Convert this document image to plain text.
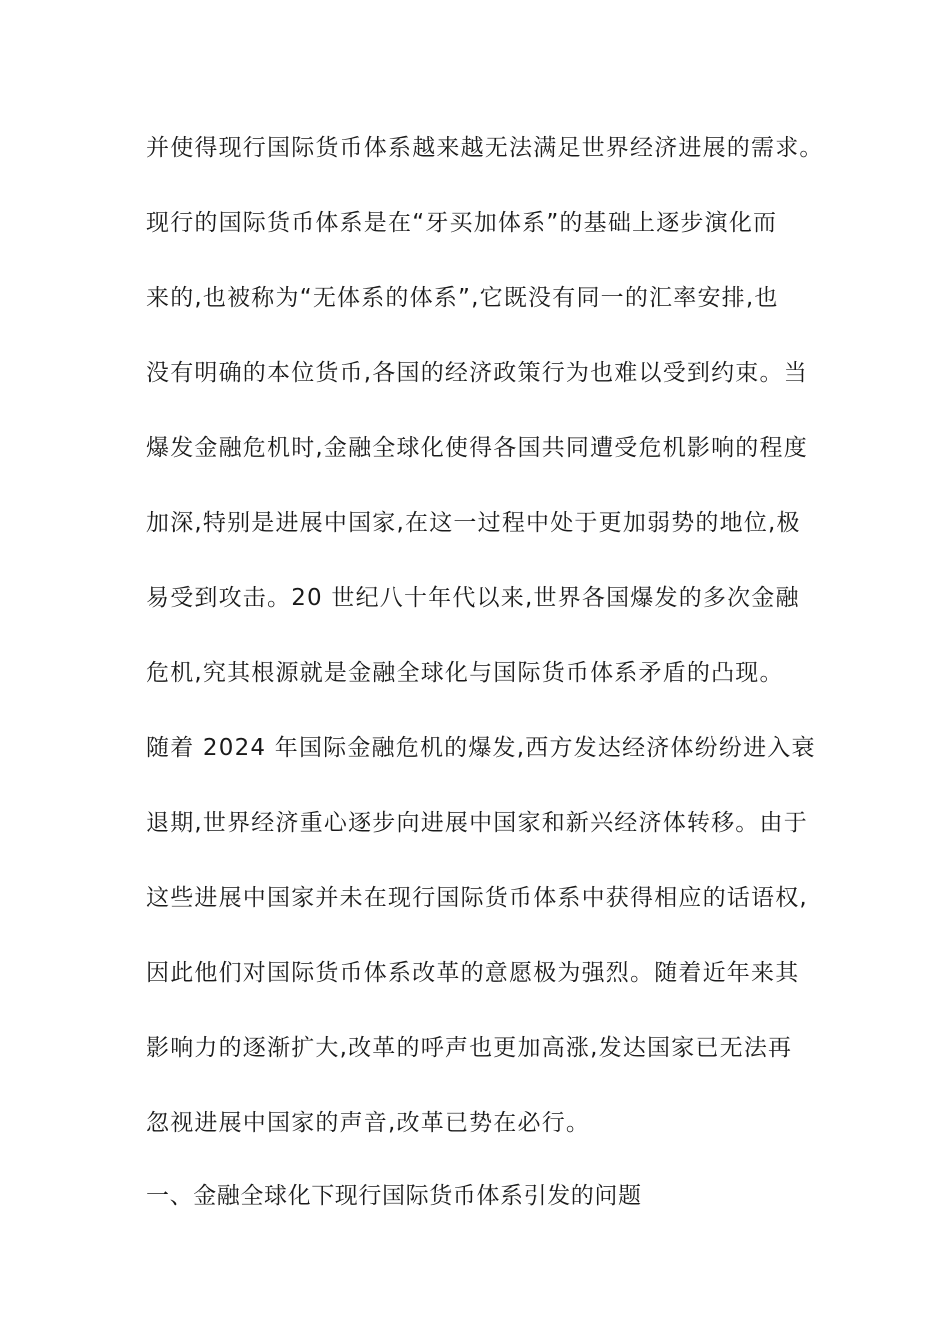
并使得现行国际货币体系越来越无法满足世界经济进展的需求。
现行的国际货币体系是在“牙买加体系”的基础上逐步演化而
来的,也被称为“无体系的体系”,它既没有同一的汇率安排,也
没有明确的本位货币,各国的经济政策行为也难以受到约束。当
爆发金融危机时,金融全球化使得各国共同遭受危机影响的程度
加深,特别是进展中国家,在这一过程中处于更加弱势的地位,极
易受到攻击。20 世纪八十年代以来,世界各国爆发的多次金融
危机,究其根源就是金融全球化与国际货币体系矛盾的凸现。
随着 2024 年国际金融危机的爆发,西方发达经济体纷纷进入衰
退期,世界经济重心逐步向进展中国家和新兴经济体转移。由于
这些进展中国家并未在现行国际货币体系中获得相应的话语权,
因此他们对国际货币体系改革的意愿极为强烈。随着近年来其
影响力的逐渐扩大,改革的呼声也更加高涨,发达国家已无法再
忽视进展中国家的声音,改革已势在必行。
一、金融全球化下现行国际货币体系引发的问题
